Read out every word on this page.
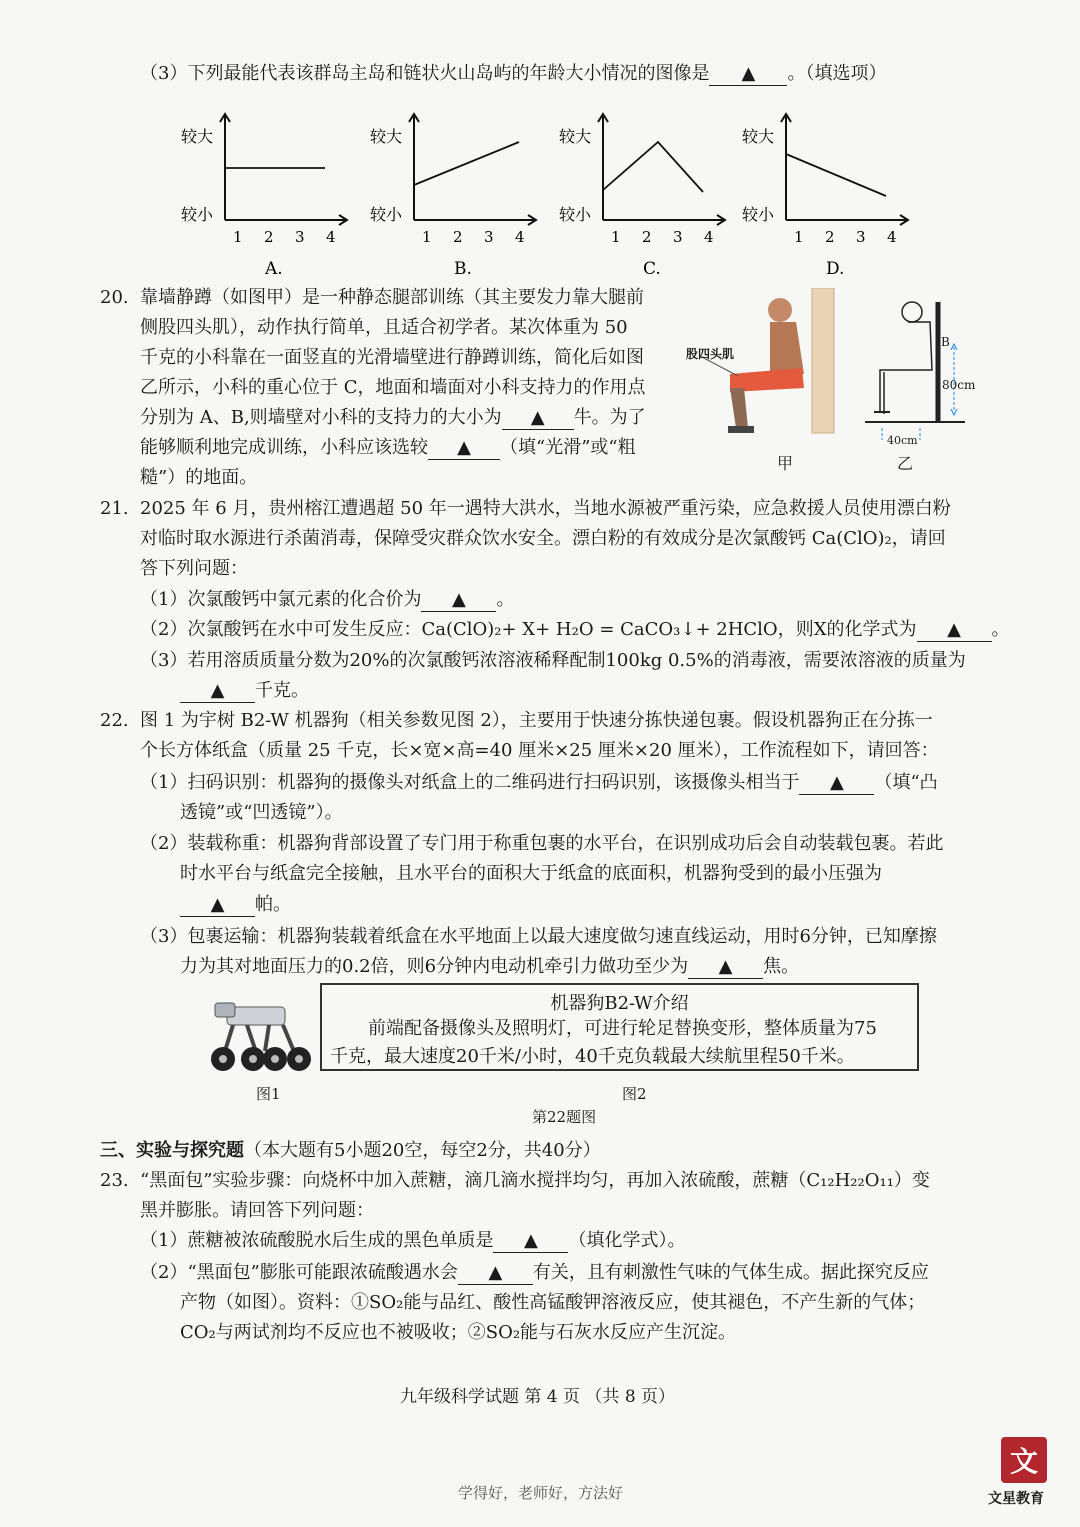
（3）下列最能代表该群岛主岛和链状火山岛屿的年龄大小情况的图像是 ▲ 。（填选项）
较大
较小
1 2 3 4
A.
较大
较小
1 2 3 4
B.
较大
较小
1 2 3 4
C.
较大
较小
1 2 3 4
D.
20. 靠墙静蹲（如图甲）是一种静态腿部训练（其主要发力靠大腿前
侧股四头肌），动作执行简单，且适合初学者。某次体重为 50
千克的小科靠在一面竖直的光滑墙壁进行静蹲训练，简化后如图
乙所示，小科的重心位于 C，地面和墙面对小科支持力的作用点
分别为 A、B,则墙壁对小科的支持力的大小为 ▲ 牛。为了
能够顺利地完成训练，小科应该选较 ▲ （填“光滑”或“粗
糙”）的地面。
股四头肌
甲
B
80cm
40cm
乙
21. 2025 年 6 月，贵州榕江遭遇超 50 年一遇特大洪水，当地水源被严重污染，应急救援人员使用漂白粉
对临时取水源进行杀菌消毒，保障受灾群众饮水安全。漂白粉的有效成分是次氯酸钙 Ca(ClO)₂，请回
答下列问题：
（1）次氯酸钙中氯元素的化合价为 ▲ 。
（2）次氯酸钙在水中可发生反应：Ca(ClO)₂+ X+ H₂O = CaCO₃↓+ 2HClO，则X的化学式为 ▲ 。
（3）若用溶质质量分数为20%的次氯酸钙浓溶液稀释配制100kg 0.5%的消毒液，需要浓溶液的质量为
▲ 千克。
22. 图 1 为宇树 B2-W 机器狗（相关参数见图 2），主要用于快速分拣快递包裹。假设机器狗正在分拣一
个长方体纸盒（质量 25 千克，长×宽×高=40 厘米×25 厘米×20 厘米），工作流程如下，请回答：
（1）扫码识别：机器狗的摄像头对纸盒上的二维码进行扫码识别，该摄像头相当于 ▲ （填“凸
透镜”或“凹透镜”）。
（2）装载称重：机器狗背部设置了专门用于称重包裹的水平台，在识别成功后会自动装载包裹。若此
时水平台与纸盒完全接触，且水平台的面积大于纸盒的底面积，机器狗受到的最小压强为
▲ 帕。
（3）包裹运输：机器狗装载着纸盒在水平地面上以最大速度做匀速直线运动，用时6分钟，已知摩擦
力为其对地面压力的0.2倍，则6分钟内电动机牵引力做功至少为 ▲ 焦。
机器狗B2-W介绍
前端配备摄像头及照明灯，可进行轮足替换变形，整体质量为75
千克，最大速度20千米/小时，40千克负载最大续航里程50千米。
图1	图2
第22题图
三、实验与探究题（本大题有5小题20空，每空2分，共40分）
23. “黑面包”实验步骤：向烧杯中加入蔗糖，滴几滴水搅拌均匀，再加入浓硫酸，蔗糖（C₁₂H₂₂O₁₁）变
黑并膨胀。请回答下列问题：
（1）蔗糖被浓硫酸脱水后生成的黑色单质是 ▲ （填化学式）。
（2）“黑面包”膨胀可能跟浓硫酸遇水会 ▲ 有关，且有刺激性气味的气体生成。据此探究反应
产物（如图）。资料：①SO₂能与品红、酸性高锰酸钾溶液反应，使其褪色，不产生新的气体；
CO₂与两试剂均不反应也不被吸收；②SO₂能与石灰水反应产生沉淀。
九年级科学试题 第 4 页 （共 8 页）
学得好，老师好，方法好
文
文星教育
